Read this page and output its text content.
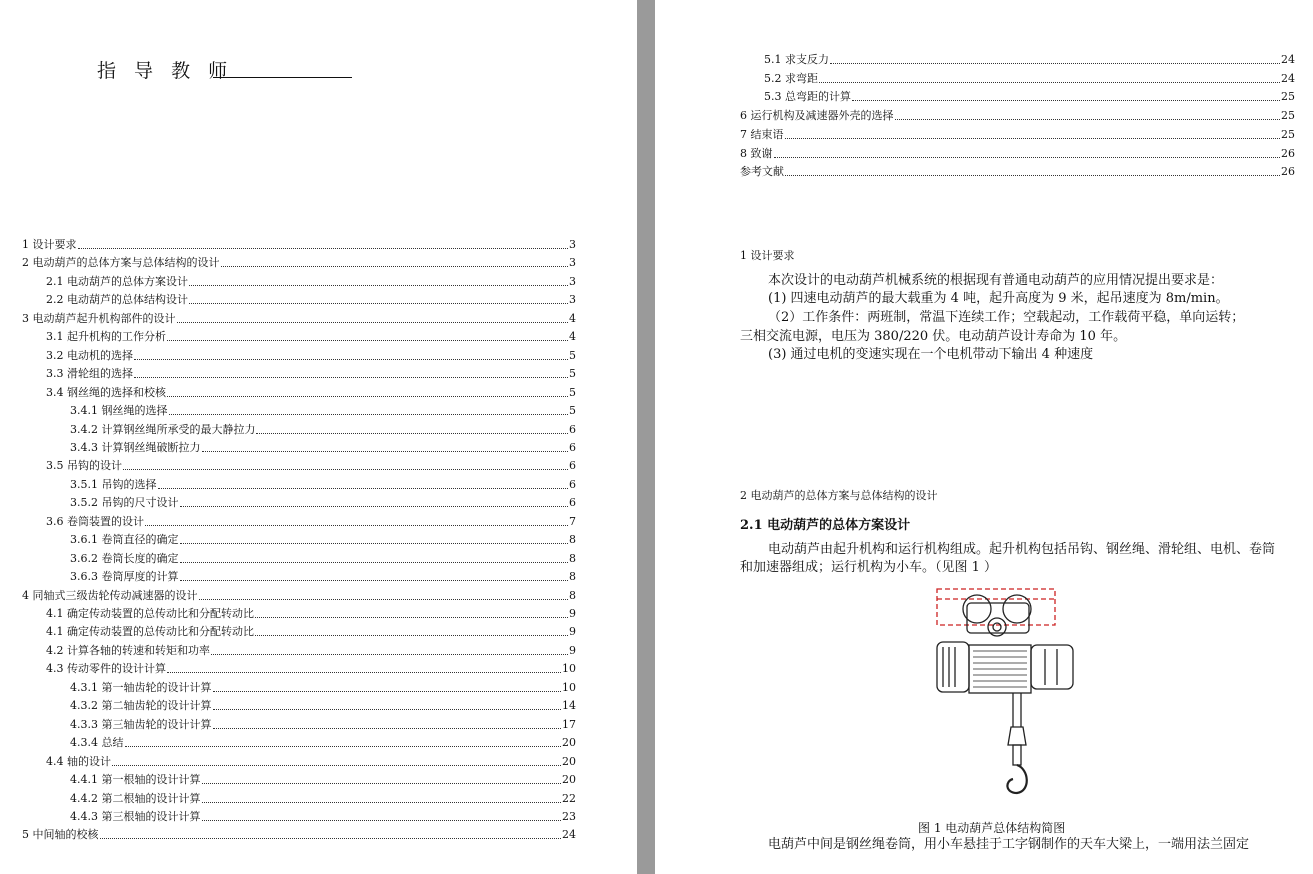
指 导 教 师
1 设计要求	3
2 电动葫芦的总体方案与总体结构的设计	3
2.1 电动葫芦的总体方案设计	3
2.2 电动葫芦的总体结构设计	3
3 电动葫芦起升机构部件的设计	4
3.1 起升机构的工作分析	4
3.2 电动机的选择	5
3.3 滑轮组的选择	5
3.4 钢丝绳的选择和校核	5
3.4.1 钢丝绳的选择	5
3.4.2 计算钢丝绳所承受的最大静拉力	6
3.4.3 计算钢丝绳破断拉力	6
3.5 吊钩的设计	6
3.5.1 吊钩的选择	6
3.5.2 吊钩的尺寸设计	6
3.6 卷筒装置的设计	7
3.6.1 卷筒直径的确定	8
3.6.2 卷筒长度的确定	8
3.6.3 卷筒厚度的计算	8
4 同轴式三级齿轮传动减速器的设计	8
4.1 确定传动装置的总传动比和分配转动比	9
4.1 确定传动装置的总传动比和分配转动比	9
4.2 计算各轴的转速和转矩和功率	9
4.3 传动零件的设计计算	10
4.3.1 第一轴齿轮的设计计算	10
4.3.2 第二轴齿轮的设计计算	14
4.3.3 第三轴齿轮的设计计算	17
4.3.4 总结	20
4.4 轴的设计	20
4.4.1 第一根轴的设计计算	20
4.4.2 第二根轴的设计计算	22
4.4.3 第三根轴的设计计算	23
5 中间轴的校核	24
5.1 求支反力	24
5.2 求弯距	24
5.3 总弯距的计算	25
6 运行机构及减速器外壳的选择	25
7 结束语	25
8 致谢	26
参考文献	26
1 设计要求
本次设计的电动葫芦机械系统的根据现有普通电动葫芦的应用情况提出要求是：
(1) 四速电动葫芦的最大载重为 4 吨，起升高度为 9 米，起吊速度为 8m/min。
（2）工作条件：两班制，常温下连续工作；空载起动，工作载荷平稳，单向运转；
三相交流电源，电压为 380/220 伏。电动葫芦设计寿命为 10 年。
(3) 通过电机的变速实现在一个电机带动下输出 4 种速度
2 电动葫芦的总体方案与总体结构的设计
2.1 电动葫芦的总体方案设计
电动葫芦由起升机构和运行机构组成。起升机构包括吊钩、钢丝绳、滑轮组、电机、卷筒
和加速器组成；运行机构为小车。（见图 1 ）
图 1 电动葫芦总体结构简图
电葫芦中间是钢丝绳卷筒，用小车悬挂于工字钢制作的天车大梁上，一端用法兰固定
